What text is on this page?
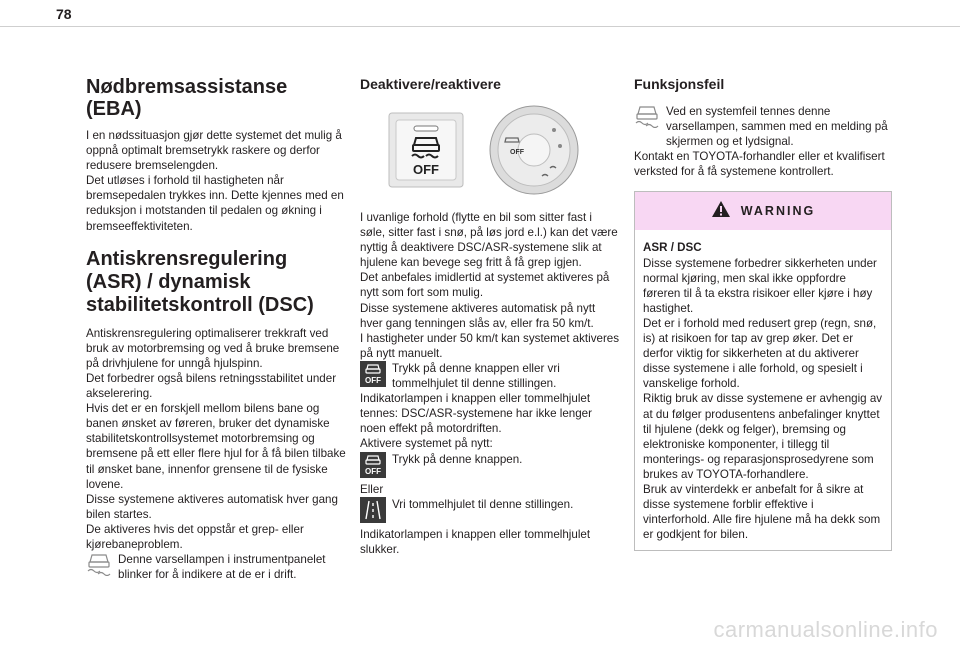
78
Nødbremsassistanse (EBA)

I en nødssituasjon gjør dette systemet det mulig å oppnå optimalt bremsetrykk raskere og derfor redusere bremselengden.

Det utløses i forhold til hastigheten når bremsepedalen trykkes inn. Dette kjennes med en reduksjon i motstanden til pedalen og økning i bremseeffektiviteten.

Antiskrensregulering (ASR) / dynamisk stabilitetskontroll (DSC)

Antiskrensregulering optimaliserer trekkraft ved bruk av motorbremsing og ved å bruke bremsene på drivhjulene for unngå hjulspinn.

Det forbedrer også bilens retningsstabilitet under akselerering.

Hvis det er en forskjell mellom bilens bane og banen ønsket av føreren, bruker det dynamiske stabilitetskontrollsystemet motorbremsing og bremsene på ett eller flere hjul for å få bilen tilbake til ønsket bane, innenfor grensene til de fysiske lovene.

Disse systemene aktiveres automatisk hver gang bilen startes.

De aktiveres hvis det oppstår et grep- eller kjørebaneproblem.

Denne varsellampen i instrumentpanelet blinker for å indikere at de er i drift.
Deaktivere/reaktivere
OFF
OFF

I uvanlige forhold (flytte en bil som sitter fast i søle, sitter fast i snø, på løs jord e.l.) kan det være nyttig å deaktivere DSC/ASR-systemene slik at hjulene kan bevege seg fritt å få grep igjen.

Det anbefales imidlertid at systemet aktiveres på nytt som fort som mulig.

Disse systemene aktiveres automatisk på nytt hver gang tenningen slås av, eller fra 50 km/t.

I hastigheter under 50 km/t kan systemet aktiveres på nytt manuelt.

OFF
Trykk på denne knappen eller vri tommelhjulet til denne stillingen.

Indikatorlampen i knappen eller tommelhjulet tennes: DSC/ASR-systemene har ikke lenger noen effekt på motordriften.

Aktivere systemet på nytt:

OFF
Trykk på denne knappen.

Eller

Vri tommelhjulet til denne stillingen.

Indikatorlampen i knappen eller tommelhjulet slukker.

Funksjonsfeil
Ved en systemfeil tennes denne varsellampen, sammen med en melding på skjermen og et lydsignal.

Kontakt en TOYOTA-forhandler eller et kvalifisert verksted for å få systemene kontrollert.

WARNING

ASR / DSC

Disse systemene forbedrer sikkerheten under normal kjøring, men skal ikke oppfordre føreren til å ta ekstra risikoer eller kjøre i høy hastighet.

Det er i forhold med redusert grep (regn, snø, is) at risikoen for tap av grep øker. Det er derfor viktig for sikkerheten at du aktiverer disse systemene i alle forhold, og spesielt i vanskelige forhold.

Riktig bruk av disse systemene er avhengig av at du følger produsentens anbefalinger knyttet til hjulene (dekk og felger), bremsing og elektroniske komponenter, i tillegg til monterings- og reparasjonsprosedyrene som brukes av TOYOTA-forhandlere.

Bruk av vinterdekk er anbefalt for å sikre at disse systemene forblir effektive i vinterforhold. Alle fire hjulene må ha dekk som er godkjent for bilen.

carmanualsonline.info
